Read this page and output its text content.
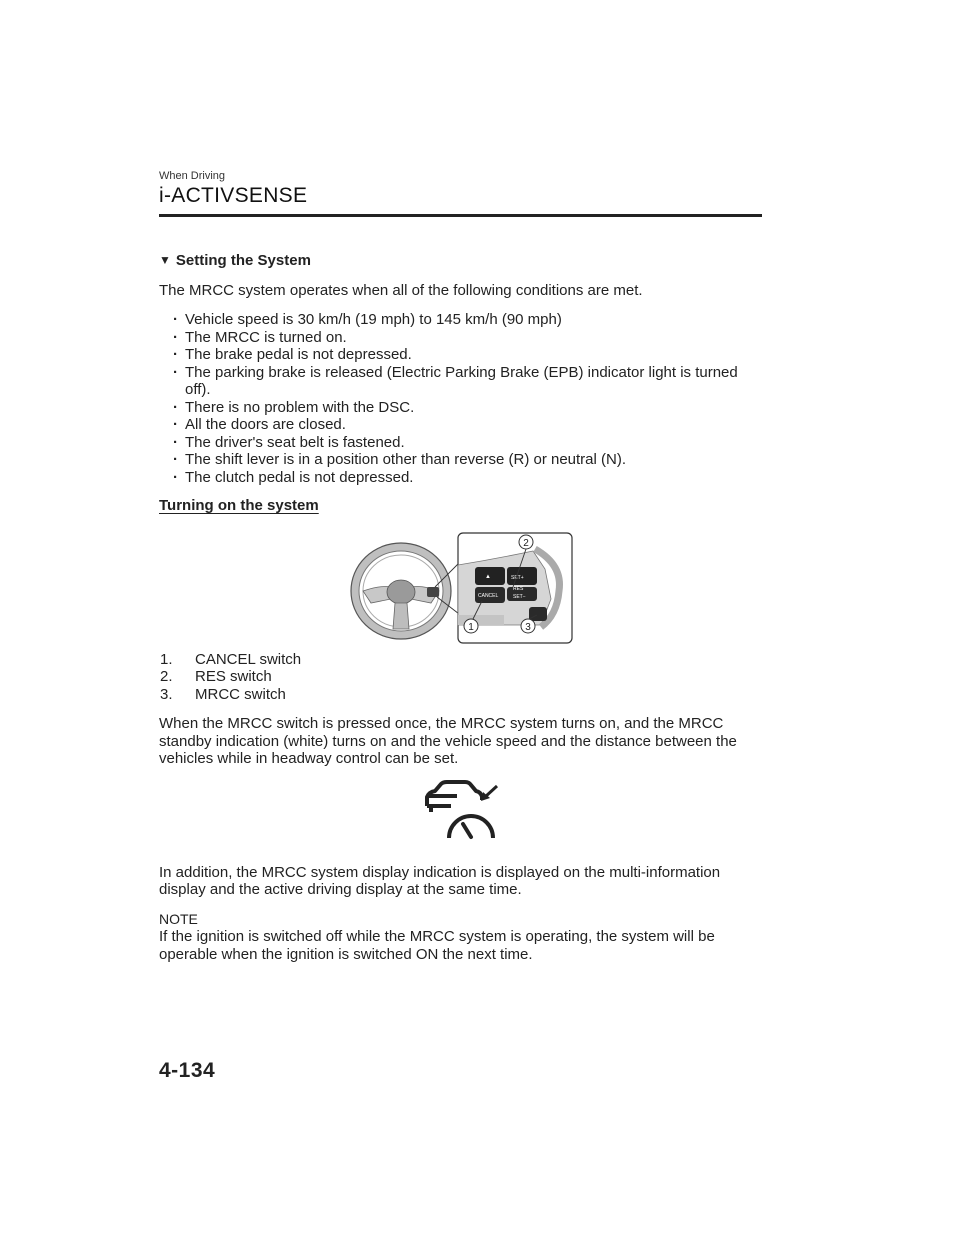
When Driving
i-ACTIVSENSE
▼ Setting the System

The MRCC system operates when all of the following conditions are met.

· Vehicle speed is 30 km/h (19 mph) to 145 km/h (90 mph)
· The MRCC is turned on.
· The brake pedal is not depressed.
· The parking brake is released (Electric Parking Brake (EPB) indicator light is turned off).
· There is no problem with the DSC.
· All the doors are closed.
· The driver's seat belt is fastened.
· The shift lever is in a position other than reverse (R) or neutral (N).
· The clutch pedal is not depressed.
Turning on the system
▲
CANCEL
SET+
RES
SET−
2
1	3
1.	CANCEL switch
2.	RES switch
3.	MRCC switch

When the MRCC switch is pressed once, the MRCC system turns on, and the MRCC standby indication (white) turns on and the vehicle speed and the distance between the vehicles while in headway control can be set.

In addition, the MRCC system display indication is displayed on the multi-information display and the active driving display at the same time.

NOTE

If the ignition is switched off while the MRCC system is operating, the system will be operable when the ignition is switched ON the next time.

4-134
